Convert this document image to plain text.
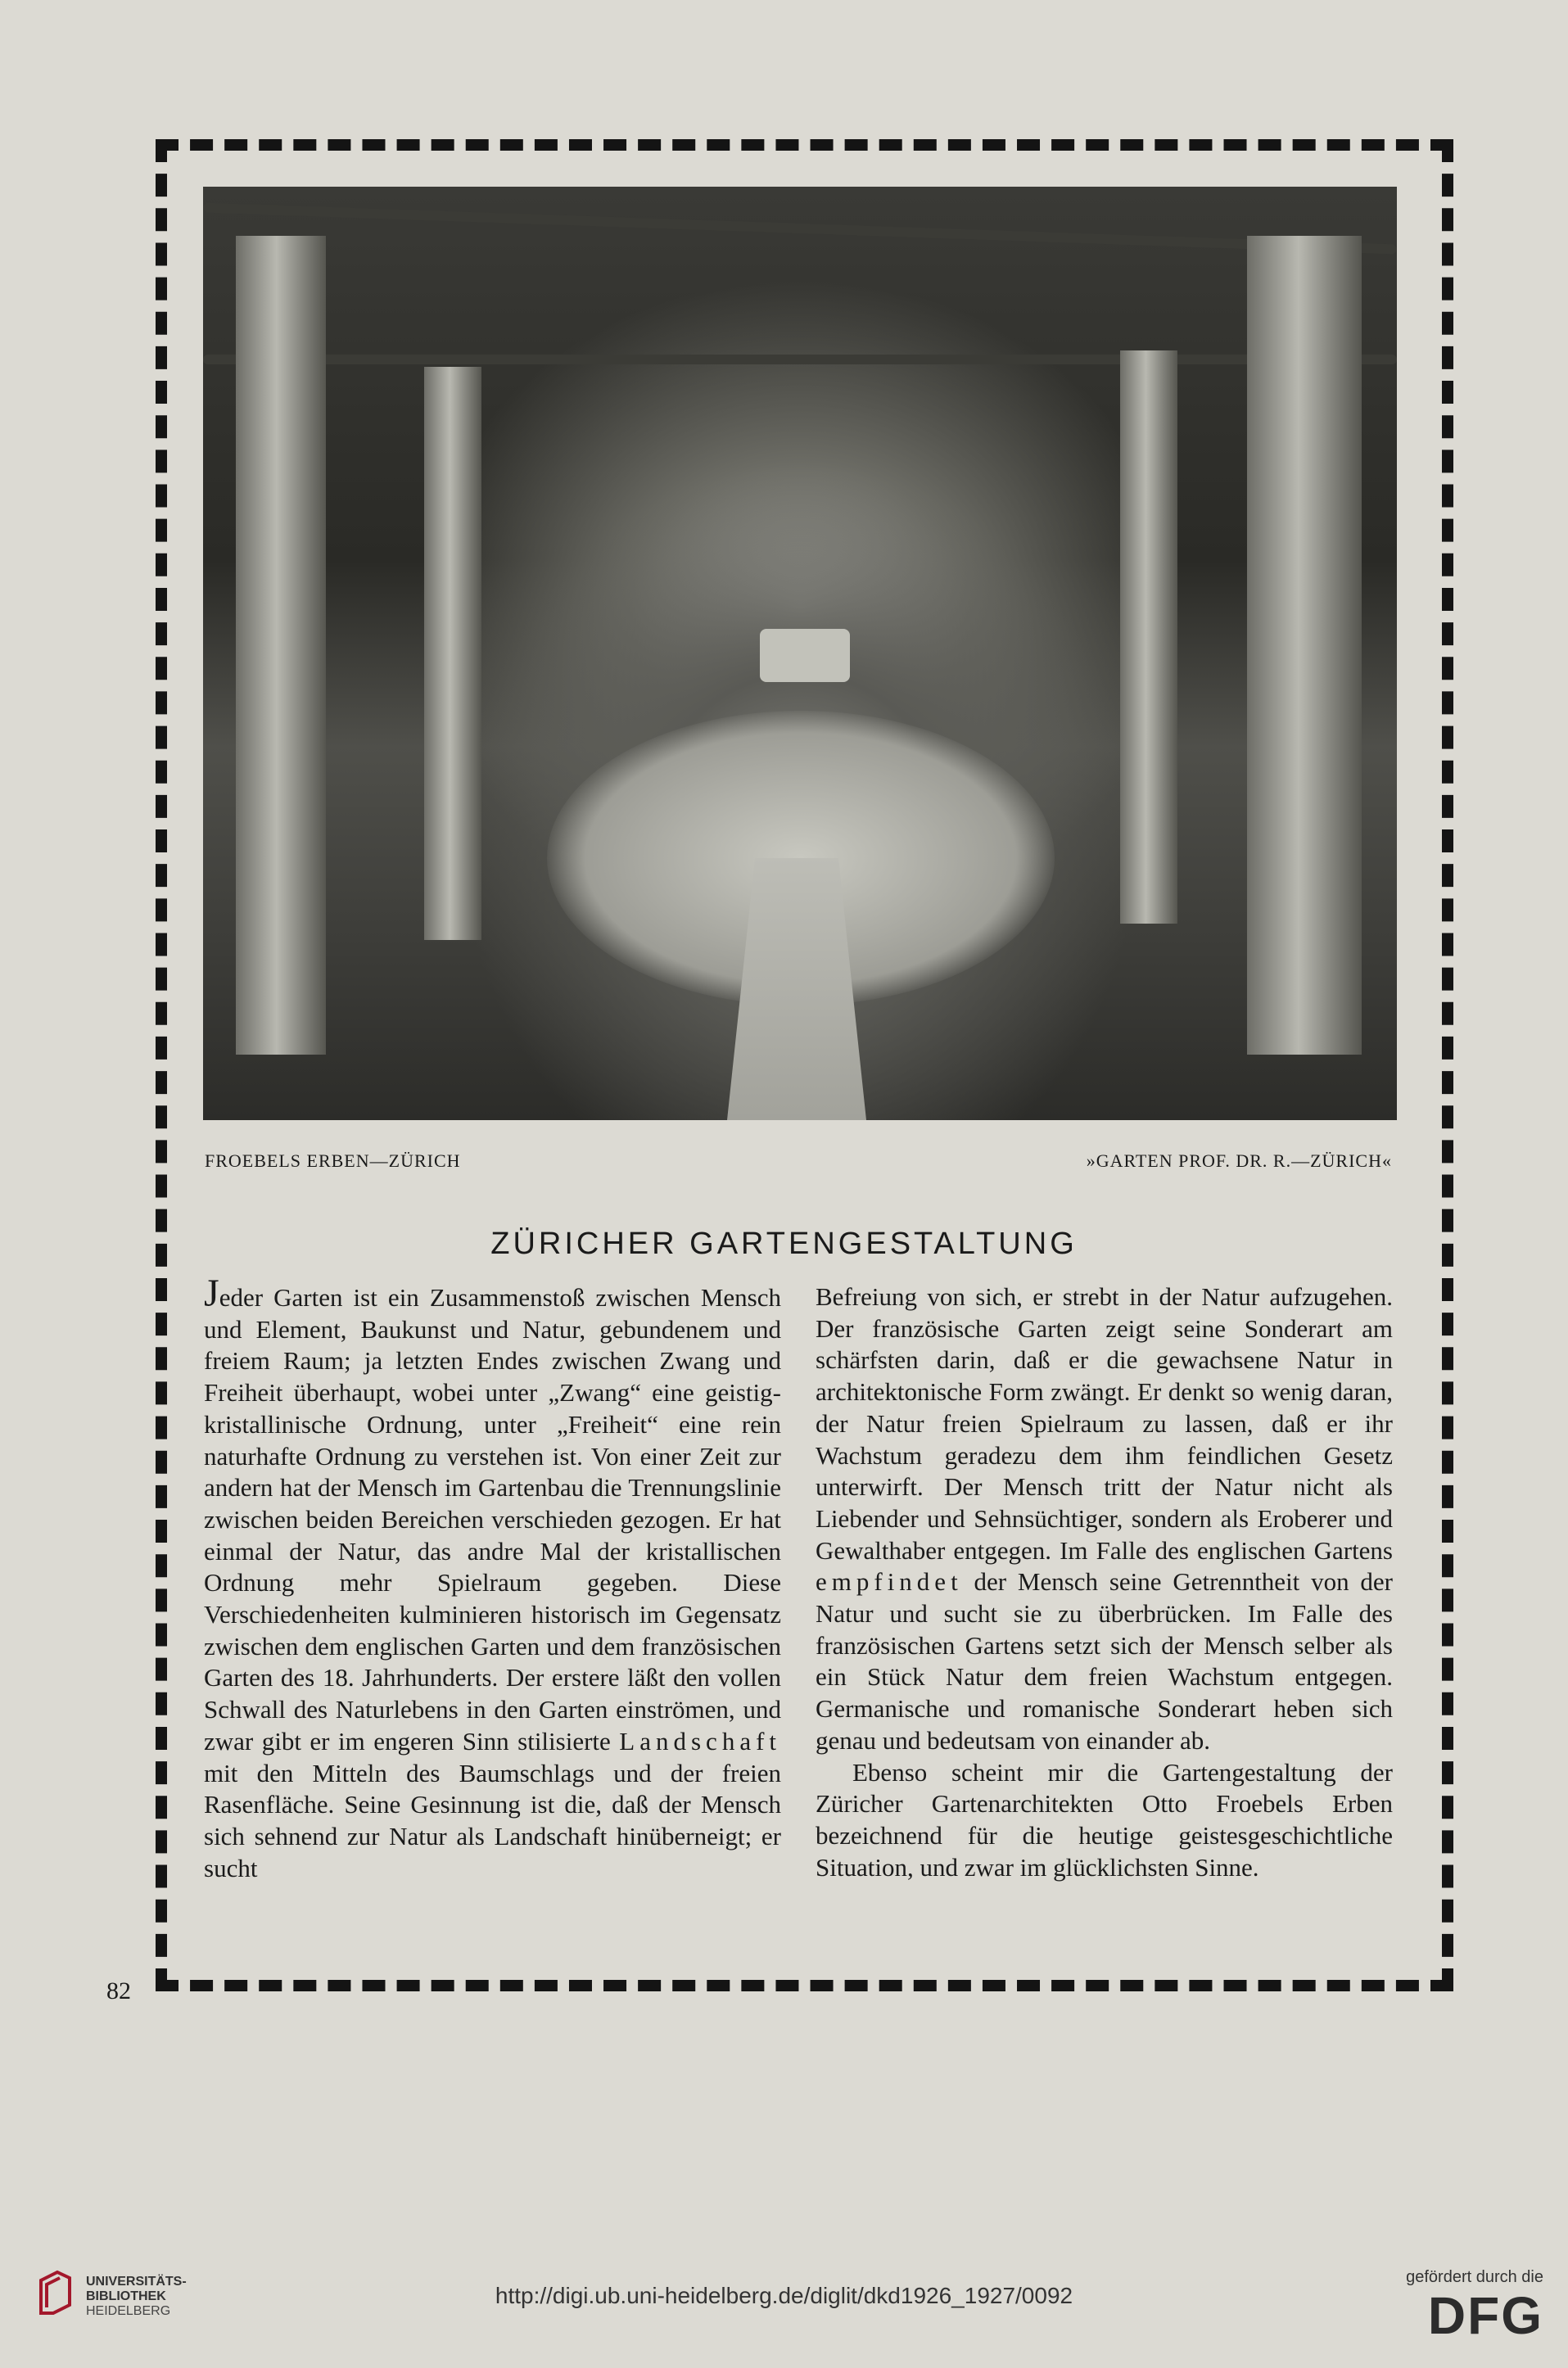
FROEBELS ERBEN—ZÜRICH	»GARTEN PROF. DR. R.—ZÜRICH«
ZÜRICHER GARTENGESTALTUNG

Jeder Garten ist ein Zusammenstoß zwischen Mensch und Element, Baukunst und Natur, gebundenem und freiem Raum; ja letzten Endes zwischen Zwang und Freiheit überhaupt, wobei unter „Zwang“ eine geistig-kristallinische Ordnung, unter „Freiheit“ eine rein naturhafte Ordnung zu verstehen ist. Von einer Zeit zur andern hat der Mensch im Gartenbau die Trennungslinie zwischen beiden Bereichen verschieden gezogen. Er hat einmal der Natur, das andre Mal der kristallischen Ordnung mehr Spielraum gegeben. Diese Verschiedenheiten kulminieren historisch im Gegensatz zwischen dem englischen Garten und dem französischen Garten des 18. Jahrhunderts. Der erstere läßt den vollen Schwall des Naturlebens in den Garten einströmen, und zwar gibt er im engeren Sinn stilisierte Landschaft mit den Mitteln des Baumschlags und der freien Rasenfläche. Seine Gesinnung ist die, daß der Mensch sich sehnend zur Natur als Landschaft hinüberneigt; er sucht

Befreiung von sich, er strebt in der Natur aufzugehen. Der französische Garten zeigt seine Sonderart am schärfsten darin, daß er die gewachsene Natur in architektonische Form zwängt. Er denkt so wenig daran, der Natur freien Spielraum zu lassen, daß er ihr Wachstum geradezu dem ihm feindlichen Gesetz unterwirft. Der Mensch tritt der Natur nicht als Liebender und Sehnsüchtiger, sondern als Eroberer und Gewalthaber entgegen. Im Falle des englischen Gartens empfindet der Mensch seine Getrenntheit von der Natur und sucht sie zu überbrücken. Im Falle des französischen Gartens setzt sich der Mensch selber als ein Stück Natur dem freien Wachstum entgegen. Germanische und romanische Sonderart heben sich genau und bedeutsam von einander ab.

Ebenso scheint mir die Gartengestaltung der Züricher Gartenarchitekten Otto Froebels Erben bezeichnend für die heutige geistesgeschichtliche Situation, und zwar im glücklichsten Sinne.

82
UNIVERSITÄTS-
BIBLIOTHEK
HEIDELBERG
http://digi.ub.uni-heidelberg.de/diglit/dkd1926_1927/0092
gefördert durch die
DFG
